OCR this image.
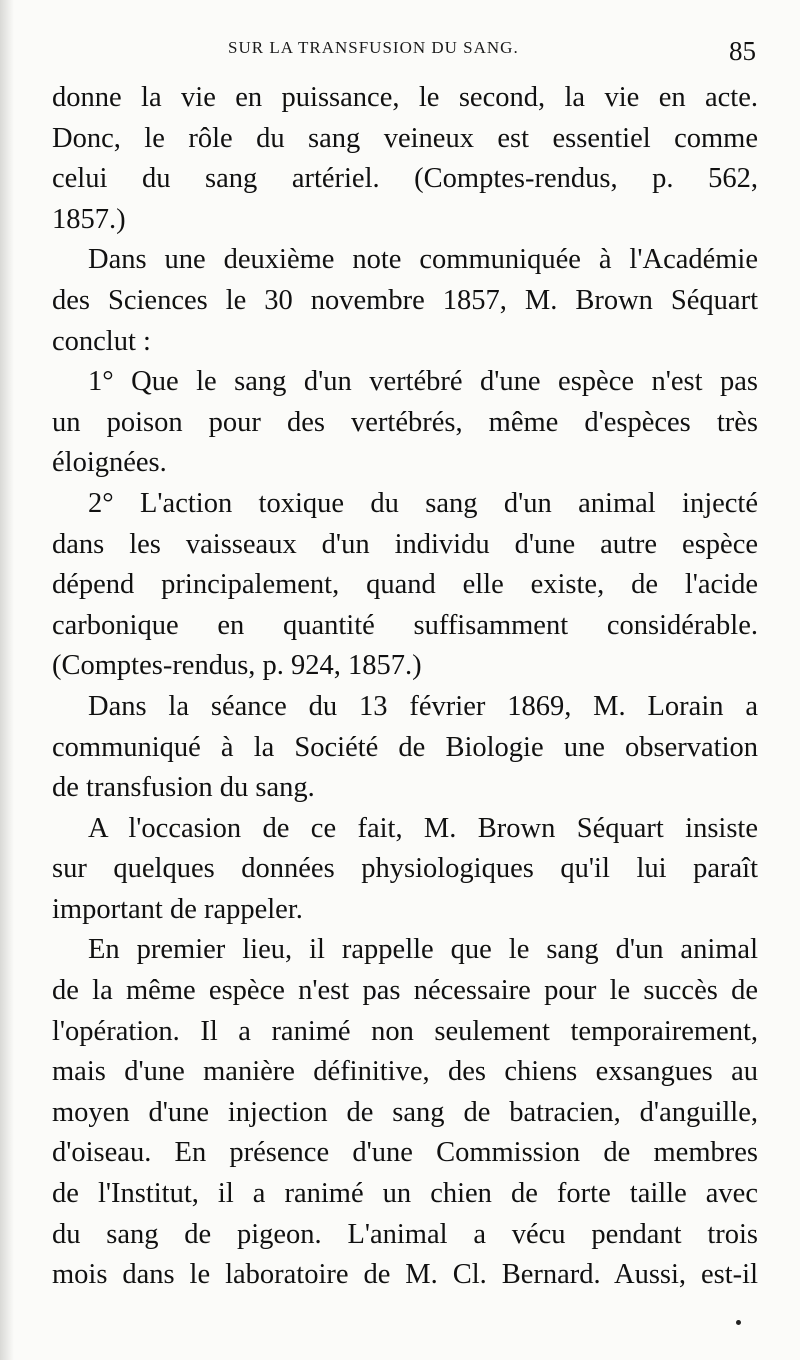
SUR LA TRANSFUSION DU SANG.	85

donne la vie en puissance, le second, la vie en acte.
Donc, le rôle du sang veineux est essentiel comme
celui du sang artériel. (Comptes-rendus, p. 562,
1857.)

Dans une deuxième note communiquée à l'Académie
des Sciences le 30 novembre 1857, M. Brown Séquart
conclut :

1° Que le sang d'un vertébré d'une espèce n'est pas
un poison pour des vertébrés, même d'espèces très
éloignées.

2° L'action toxique du sang d'un animal injecté
dans les vaisseaux d'un individu d'une autre espèce
dépend principalement, quand elle existe, de l'acide
carbonique en quantité suffisamment considérable.
(Comptes-rendus, p. 924, 1857.)

Dans la séance du 13 février 1869, M. Lorain a
communiqué à la Société de Biologie une observation
de transfusion du sang.

A l'occasion de ce fait, M. Brown Séquart insiste
sur quelques données physiologiques qu'il lui paraît
important de rappeler.

En premier lieu, il rappelle que le sang d'un animal
de la même espèce n'est pas nécessaire pour le succès de
l'opération. Il a ranimé non seulement temporairement,
mais d'une manière définitive, des chiens exsangues au
moyen d'une injection de sang de batracien, d'anguille,
d'oiseau. En présence d'une Commission de membres
de l'Institut, il a ranimé un chien de forte taille avec
du sang de pigeon. L'animal a vécu pendant trois
mois dans le laboratoire de M. Cl. Bernard. Aussi, est-il
